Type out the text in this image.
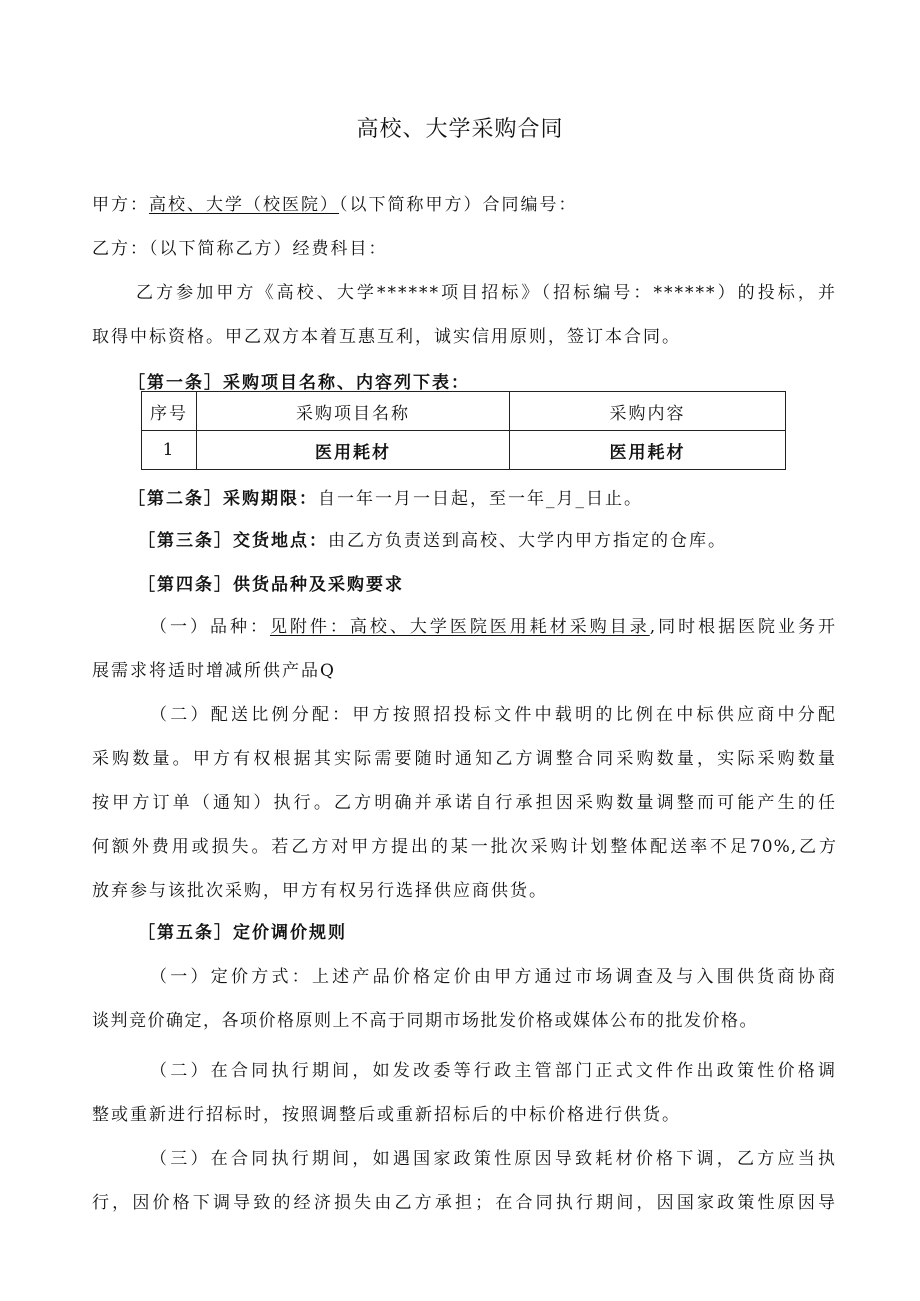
高校、大学采购合同
甲方：高校、大学（校医院）（以下简称甲方）合同编号：
乙方：（以下简称乙方）经费科目：
乙方参加甲方《高校、大学******项目招标》（招标编号：******）的投标，并
取得中标资格。甲乙双方本着互惠互利，诚实信用原则，签订本合同。
［第一条］采购项目名称、内容列下表：
序号	采购项目名称	采购内容
1	医用耗材	医用耗材
［第二条］采购期限：自一年一月一日起，至一年_月_日止。
［第三条］交货地点：由乙方负责送到高校、大学内甲方指定的仓库。
［第四条］供货品种及采购要求
（一）品种：见附件：高校、大学医院医用耗材采购目录,同时根据医院业务开
展需求将适时增减所供产品Q
（二）配送比例分配：甲方按照招投标文件中载明的比例在中标供应商中分配
采购数量。甲方有权根据其实际需要随时通知乙方调整合同采购数量，实际采购数量
按甲方订单（通知）执行。乙方明确并承诺自行承担因采购数量调整而可能产生的任
何额外费用或损失。若乙方对甲方提出的某一批次采购计划整体配送率不足70%,乙方
放弃参与该批次采购，甲方有权另行选择供应商供货。
［第五条］定价调价规则
（一）定价方式：上述产品价格定价由甲方通过市场调查及与入围供货商协商
谈判竞价确定，各项价格原则上不高于同期市场批发价格或媒体公布的批发价格。
（二）在合同执行期间，如发改委等行政主管部门正式文件作出政策性价格调
整或重新进行招标时，按照调整后或重新招标后的中标价格进行供货。
（三）在合同执行期间，如遇国家政策性原因导致耗材价格下调，乙方应当执
行，因价格下调导致的经济损失由乙方承担；在合同执行期间，因国家政策性原因导
